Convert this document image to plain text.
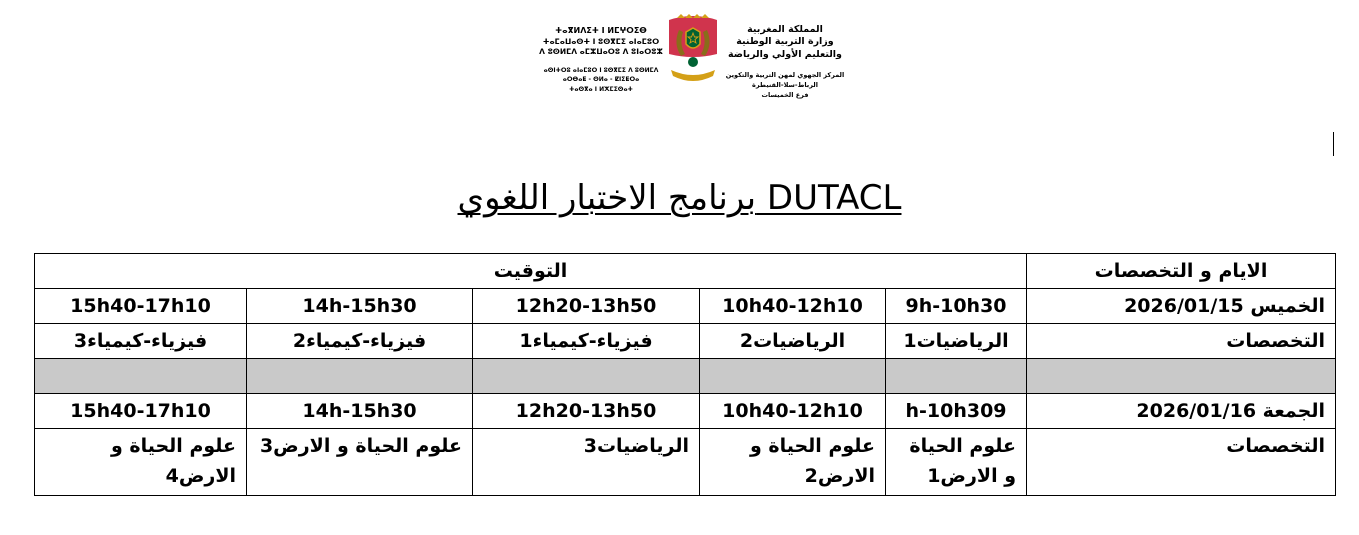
ⵜⴰⴳⵍⴷⵉⵜ ⵏ ⵍⵎⵖⵔⵉⴱ
ⵜⴰⵎⴰⵡⴰⵙⵜ ⵏ ⵓⵙⴳⵎⵉ ⴰⵏⴰⵎⵓⵔ
ⴷ ⵓⵙⵍⵎⴷ ⴰⵎⵣⵡⴰⵔⵓ ⴷ ⵓⵏⴰⵔⵓⵣ
ⴰⵙⵏⵜⵔⵓ ⴰⵏⴰⵎⵓⵔ ⵏ ⵓⵙⴳⵎⵉ ⴷ ⵓⵙⵍⵎⴷ
ⴰⵔⴱⴰⵟ - ⵙⵍⴰ - ⵇⵏⵉⵟⵔⴰ
ⵜⴰⵙⴳⴰ ⵏ ⵍⵅⵎⵉⵙⴰⵜ
المملكة المغربية
وزارة التربية الوطنية
والتعليم الأولي والرياضة
المركز الجهوي لمهن التربية والتكوين
الرباط-سلا-القنيطرة
فرع الخميسات
برنامج الاختبار اللغوي DUTACL
الايام و التخصصات	التوقيت				
الخميس 2026/01/15	9h-10h30	10h40-12h10	12h20-13h50	14h-15h30	15h40-17h10
التخصصات	الرياضيات1	الرياضيات2	فيزياء-كيمياء1	فيزياء-كيمياء2	فيزياء-كيمياء3

الجمعة 2026/01/16	h-10h309	10h40-12h10	12h20-13h50	14h-15h30	15h40-17h10
التخصصات	علوم الحياة و الارض1	علوم الحياة و الارض2	الرياضيات3	علوم الحياة و الارض3	علوم الحياة و الارض4
